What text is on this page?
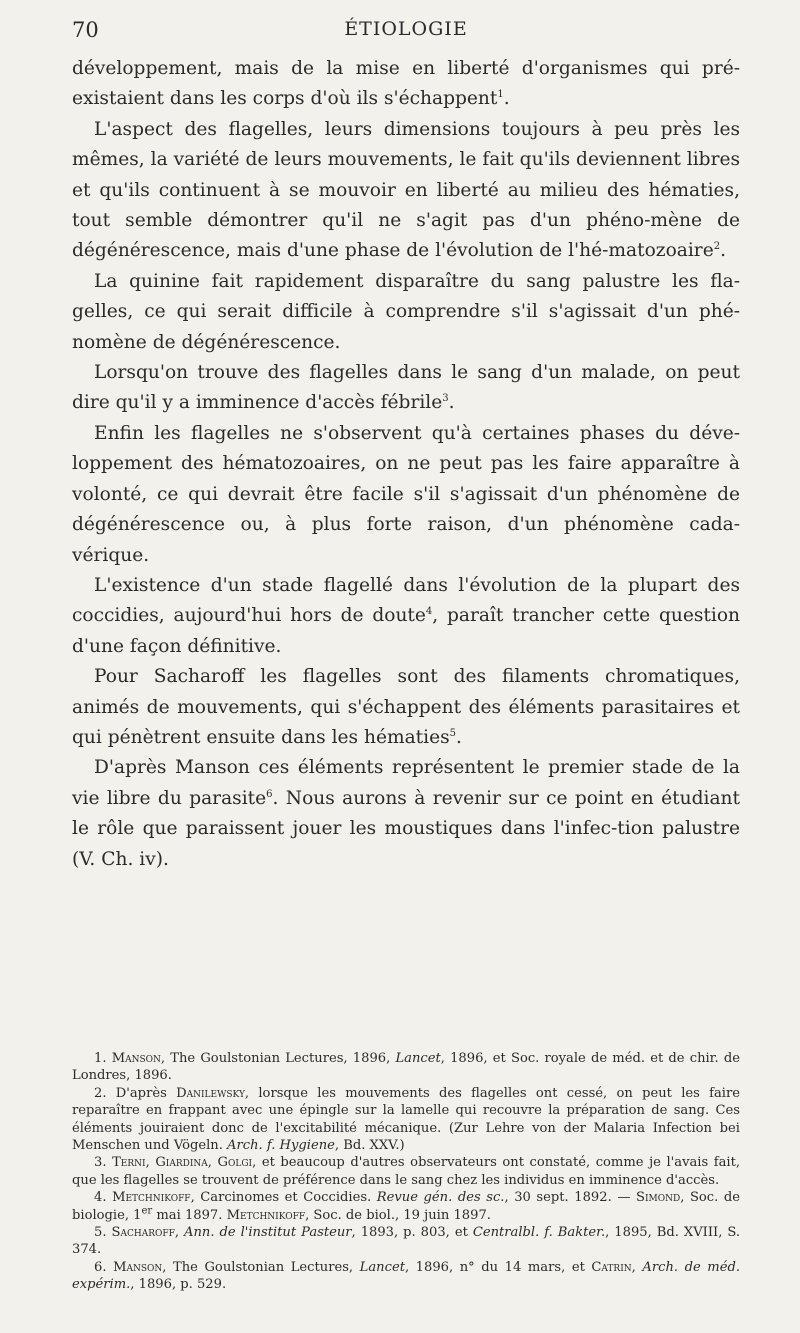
70	ÉTIOLOGIE

développement, mais de la mise en liberté d'organismes qui pré-existaient dans les corps d'où ils s'échappent$^1$.

L'aspect des flagelles, leurs dimensions toujours à peu près les mêmes, la variété de leurs mouvements, le fait qu'ils deviennent libres et qu'ils continuent à se mouvoir en liberté au milieu des hématies, tout semble démontrer qu'il ne s'agit pas d'un phéno-mène de dégénérescence, mais d'une phase de l'évolution de l'hé-matozoaire$^2$.

La quinine fait rapidement disparaître du sang palustre les fla-gelles, ce qui serait difficile à comprendre s'il s'agissait d'un phé-nomène de dégénérescence.

Lorsqu'on trouve des flagelles dans le sang d'un malade, on peut dire qu'il y a imminence d'accès fébrile$^3$.

Enfin les flagelles ne s'observent qu'à certaines phases du déve-loppement des hématozoaires, on ne peut pas les faire apparaître à volonté, ce qui devrait être facile s'il s'agissait d'un phénomène de dégénérescence ou, à plus forte raison, d'un phénomène cada-vérique.

L'existence d'un stade flagellé dans l'évolution de la plupart des coccidies, aujourd'hui hors de doute$^4$, paraît trancher cette question d'une façon définitive.

Pour Sacharoff les flagelles sont des filaments chromatiques, animés de mouvements, qui s'échappent des éléments parasitaires et qui pénètrent ensuite dans les hématies$^5$.

D'après Manson ces éléments représentent le premier stade de la vie libre du parasite$^6$. Nous aurons à revenir sur ce point en étudiant le rôle que paraissent jouer les moustiques dans l'infec-tion palustre (V. Ch. iv).

1. Manson, The Goulstonian Lectures, 1896, Lancet, 1896, et Soc. royale de méd. et de chir. de Londres, 1896.

2. D'après Danilewsky, lorsque les mouvements des flagelles ont cessé, on peut les faire reparaître en frappant avec une épingle sur la lamelle qui recouvre la préparation de sang. Ces éléments jouiraient donc de l'excitabilité mécanique. (Zur Lehre von der Malaria Infection bei Menschen und Vögeln. Arch. f. Hygiene, Bd. XXV.)

3. Terni, Giardina, Golgi, et beaucoup d'autres observateurs ont constaté, comme je l'avais fait, que les flagelles se trouvent de préférence dans le sang chez les individus en imminence d'accès.

4. Metchnikoff, Carcinomes et Coccidies. Revue gén. des sc., 30 sept. 1892. — Simond, Soc. de biologie, 1er mai 1897. Metchnikoff, Soc. de biol., 19 juin 1897.

5. Sacharoff, Ann. de l'institut Pasteur, 1893, p. 803, et Centralbl. f. Bakter., 1895, Bd. XVIII, S. 374.

6. Manson, The Goulstonian Lectures, Lancet, 1896, n° du 14 mars, et Catrin, Arch. de méd. expérim., 1896, p. 529.
